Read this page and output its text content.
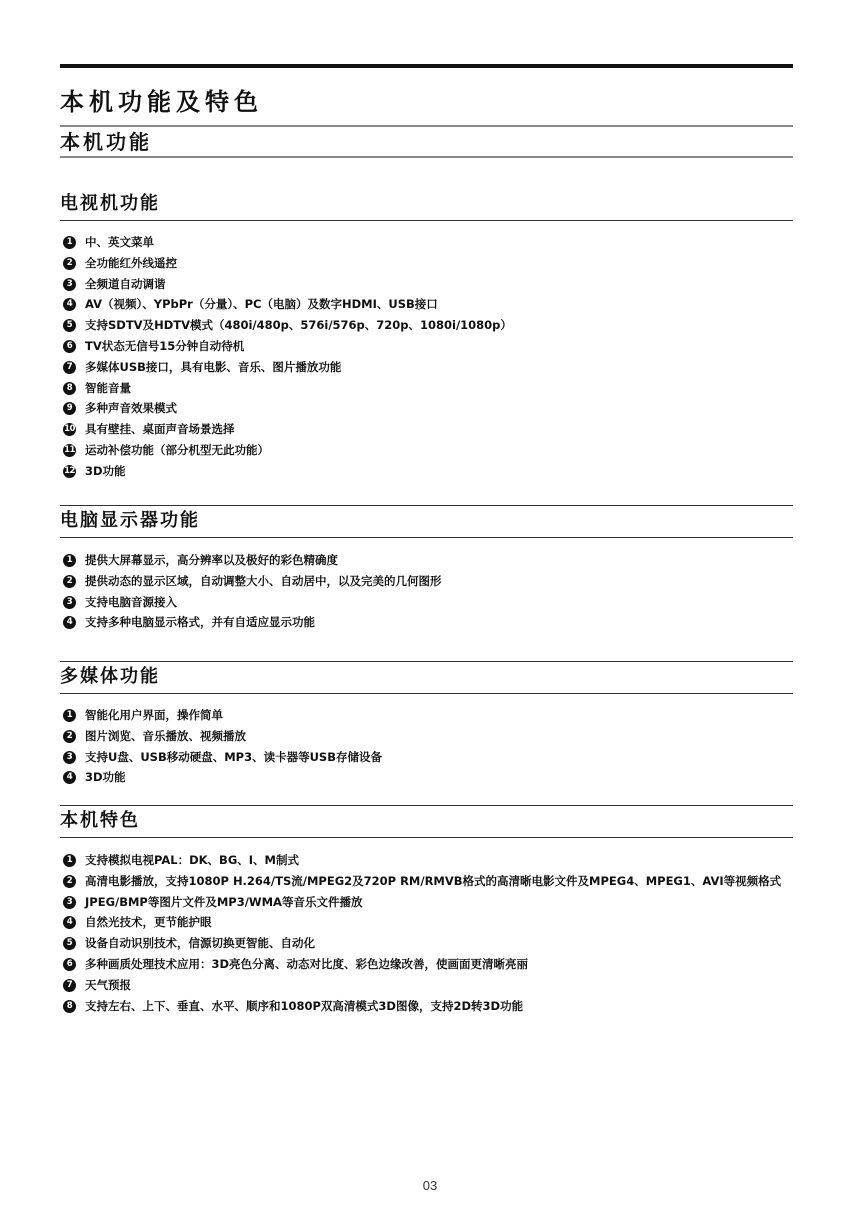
本机功能及特色
本机功能
电视机功能
1	中、英文菜单
2	全功能红外线遥控
3	全频道自动调谐
4	AV（视频）、YPbPr（分量）、PC（电脑）及数字HDMI、USB接口
5	支持SDTV及HDTV模式（480i/480p、576i/576p、720p、1080i/1080p）
6	TV状态无信号15分钟自动待机
7	多媒体USB接口，具有电影、音乐、图片播放功能
8	智能音量
9	多种声音效果模式
10 具有壁挂、桌面声音场景选择
11 运动补偿功能（部分机型无此功能）
12 3D功能
电脑显示器功能
1	提供大屏幕显示，高分辨率以及极好的彩色精确度
2	提供动态的显示区域，自动调整大小、自动居中，以及完美的几何图形
3	支持电脑音源接入
4	支持多种电脑显示格式，并有自适应显示功能
多媒体功能
1	智能化用户界面，操作简单
2	图片浏览、音乐播放、视频播放
3	支持U盘、USB移动硬盘、MP3、读卡器等USB存储设备
4	3D功能
本机特色
1	支持模拟电视PAL：DK、BG、I、M制式
2	高清电影播放，支持1080P H.264/TS流/MPEG2及720P RM/RMVB格式的高清晰电影文件及MPEG4、MPEG1、AVI等视频格式
3	JPEG/BMP等图片文件及MP3/WMA等音乐文件播放
4	自然光技术，更节能护眼
5	设备自动识别技术，信源切换更智能、自动化
6	多种画质处理技术应用：3D亮色分离、动态对比度、彩色边缘改善，使画面更清晰亮丽
7	天气预报
8	支持左右、上下、垂直、水平、顺序和1080P双高清模式3D图像，支持2D转3D功能
03
